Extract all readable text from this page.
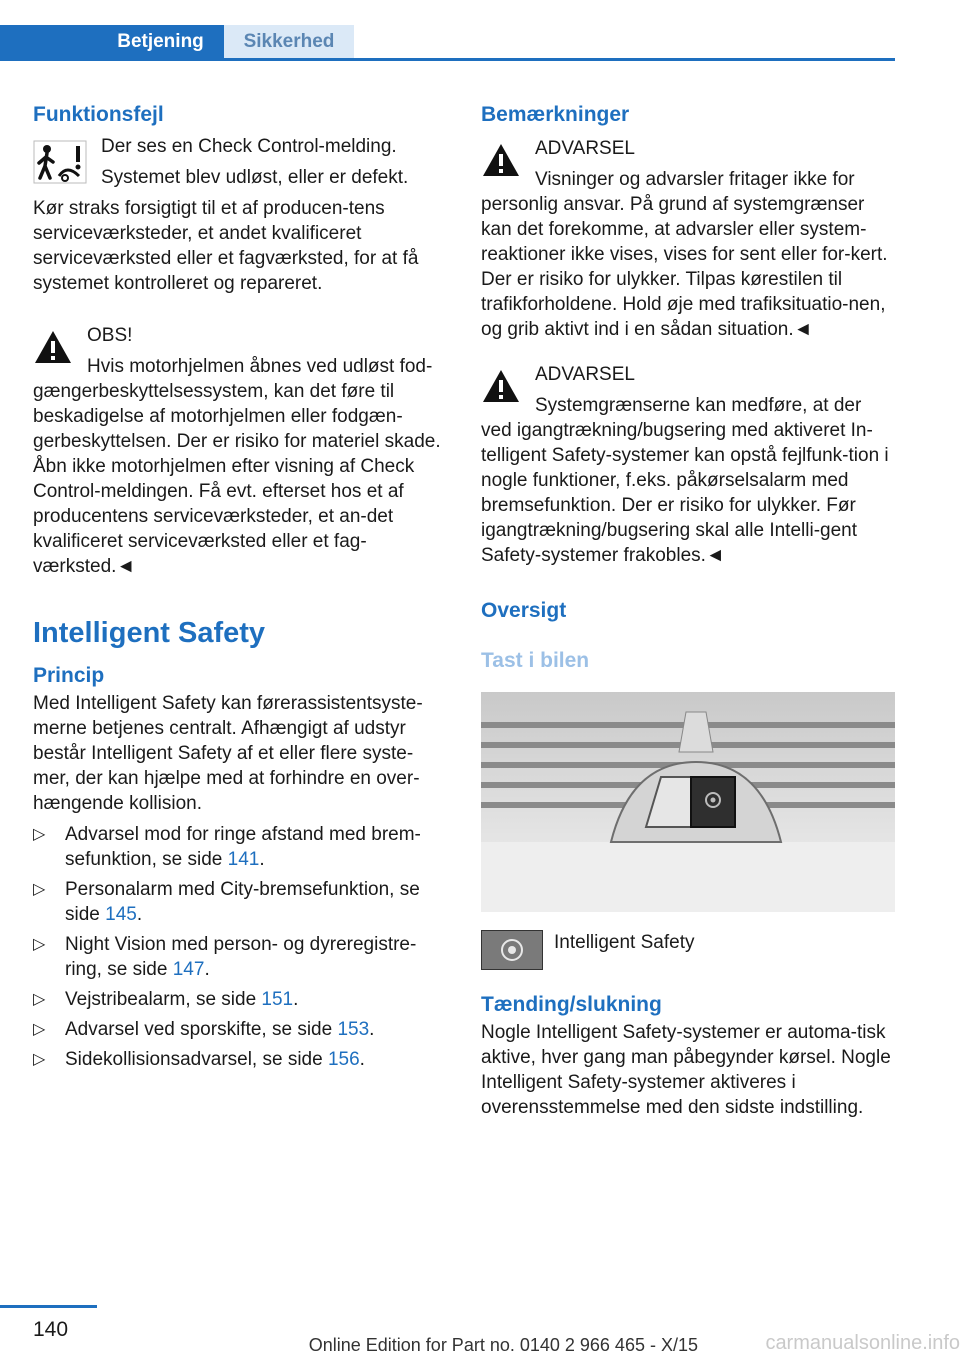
Betjening	Sikkerhed
Funktionsfejl

Der ses en Check Control-melding.

Systemet blev udløst, eller er defekt.

Kør straks forsigtigt til et af producen-tens serviceværksteder, et andet kvalificeret serviceværksted eller et fagværksted, for at få systemet kontrolleret og repareret.

OBS!

Hvis motorhjelmen åbnes ved udløst fod-gængerbeskyttelsessystem, kan det føre til beskadigelse af motorhjelmen eller fodgæn-gerbeskyttelsen. Der er risiko for materiel skade. Åbn ikke motorhjelmen efter visning af Check Control-meldingen. Få evt. efterset hos et af producentens serviceværksteder, et an-det kvalificeret serviceværksted eller et fag-værksted.◄

Intelligent Safety
Princip

Med Intelligent Safety kan førerassistentsyste-merne betjenes centralt. Afhængigt af udstyr består Intelligent Safety af et eller flere syste-mer, der kan hjælpe med at forhindre en over-hængende kollision.

▷ Advarsel mod for ringe afstand med brem-sefunktion, se side 141.
▷ Personalarm med City-bremsefunktion, se side 145.
▷ Night Vision med person- og dyreregistre-ring, se side 147.
▷ Vejstribealarm, se side 151.
▷ Advarsel ved sporskifte, se side 153.
▷ Sidekollisionsadvarsel, se side 156.
Bemærkninger

ADVARSEL

Visninger og advarsler fritager ikke for personlig ansvar. På grund af systemgrænser kan det forekomme, at advarsler eller system-reaktioner ikke vises, vises for sent eller for-kert. Der er risiko for ulykker. Tilpas kørestilen til trafikforholdene. Hold øje med trafiksituatio-nen, og grib aktivt ind i en sådan situation.◄

ADVARSEL

Systemgrænserne kan medføre, at der ved igangtrækning/bugsering med aktiveret In-telligent Safety-systemer kan opstå fejlfunk-tion i nogle funktioner, f.eks. påkørselsalarm med bremsefunktion. Der er risiko for ulykker. Før igangtrækning/bugsering skal alle Intelli-gent Safety-systemer frakobles.◄

Oversigt
Tast i bilen
Intelligent Safety
Tænding/slukning

Nogle Intelligent Safety-systemer er automa-tisk aktive, hver gang man påbegynder kørsel. Nogle Intelligent Safety-systemer aktiveres i overensstemmelse med den sidste indstilling.

140
Online Edition for Part no. 0140 2 966 465 - X/15	carmanualsonline.info
